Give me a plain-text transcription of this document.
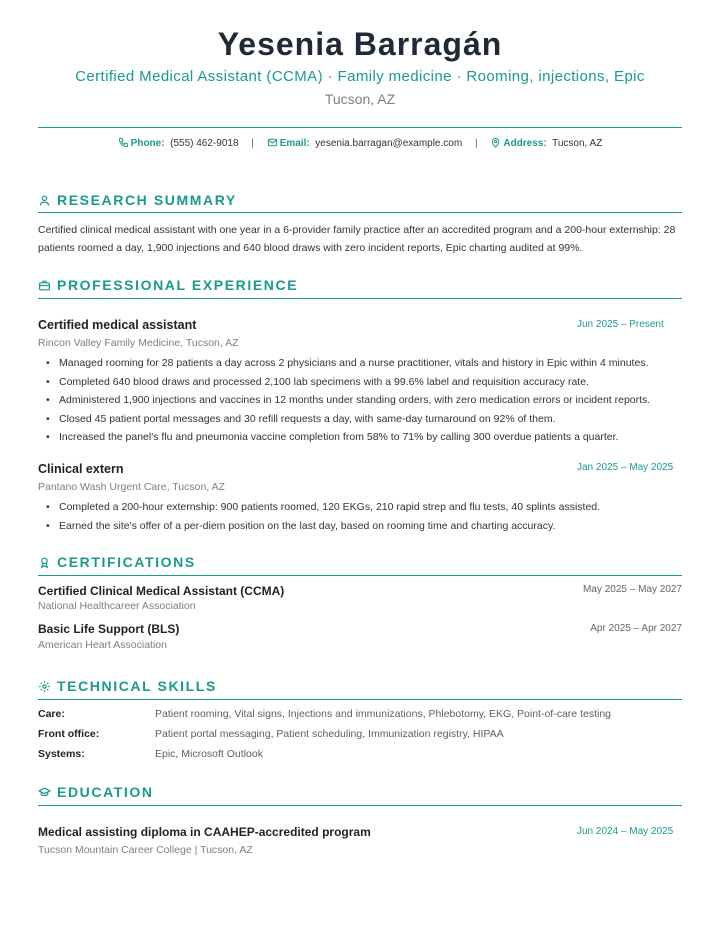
Yesenia Barragán
Certified Medical Assistant (CCMA) · Family medicine · Rooming, injections, Epic
Tucson, AZ
Phone: (555) 462-9018 |	Email: yesenia.barragan@example.com |	Address: Tucson, AZ
RESEARCH SUMMARY
Certified clinical medical assistant with one year in a 6-provider family practice after an accredited program and a 200-hour externship: 28 patients roomed a day, 1,900 injections and 640 blood draws with zero incident reports, Epic charting audited at 99%.
PROFESSIONAL EXPERIENCE
Certified medical assistant	Jun 2025 – Present
Rincon Valley Family Medicine, Tucson, AZ
• Managed rooming for 28 patients a day across 2 physicians and a nurse practitioner, vitals and history in Epic within 4 minutes.
• Completed 640 blood draws and processed 2,100 lab specimens with a 99.6% label and requisition accuracy rate.
• Administered 1,900 injections and vaccines in 12 months under standing orders, with zero medication errors or incident reports.
• Closed 45 patient portal messages and 30 refill requests a day, with same-day turnaround on 92% of them.
• Increased the panel's flu and pneumonia vaccine completion from 58% to 71% by calling 300 overdue patients a quarter.
Clinical extern	Jan 2025 – May 2025
Pantano Wash Urgent Care, Tucson, AZ
• Completed a 200-hour externship: 900 patients roomed, 120 EKGs, 210 rapid strep and flu tests, 40 splints assisted.
• Earned the site's offer of a per-diem position on the last day, based on rooming time and charting accuracy.
CERTIFICATIONS
Certified Clinical Medical Assistant (CCMA)	May 2025 – May 2027
National Healthcareer Association
Basic Life Support (BLS)	Apr 2025 – Apr 2027
American Heart Association
TECHNICAL SKILLS
Care:	Patient rooming, Vital signs, Injections and immunizations, Phlebotomy, EKG, Point-of-care testing
Front office:	Patient portal messaging, Patient scheduling, Immunization registry, HIPAA
Systems:	Epic, Microsoft Outlook
EDUCATION
Medical assisting diploma in CAAHEP-accredited program	Jun 2024 – May 2025
Tucson Mountain Career College | Tucson, AZ
